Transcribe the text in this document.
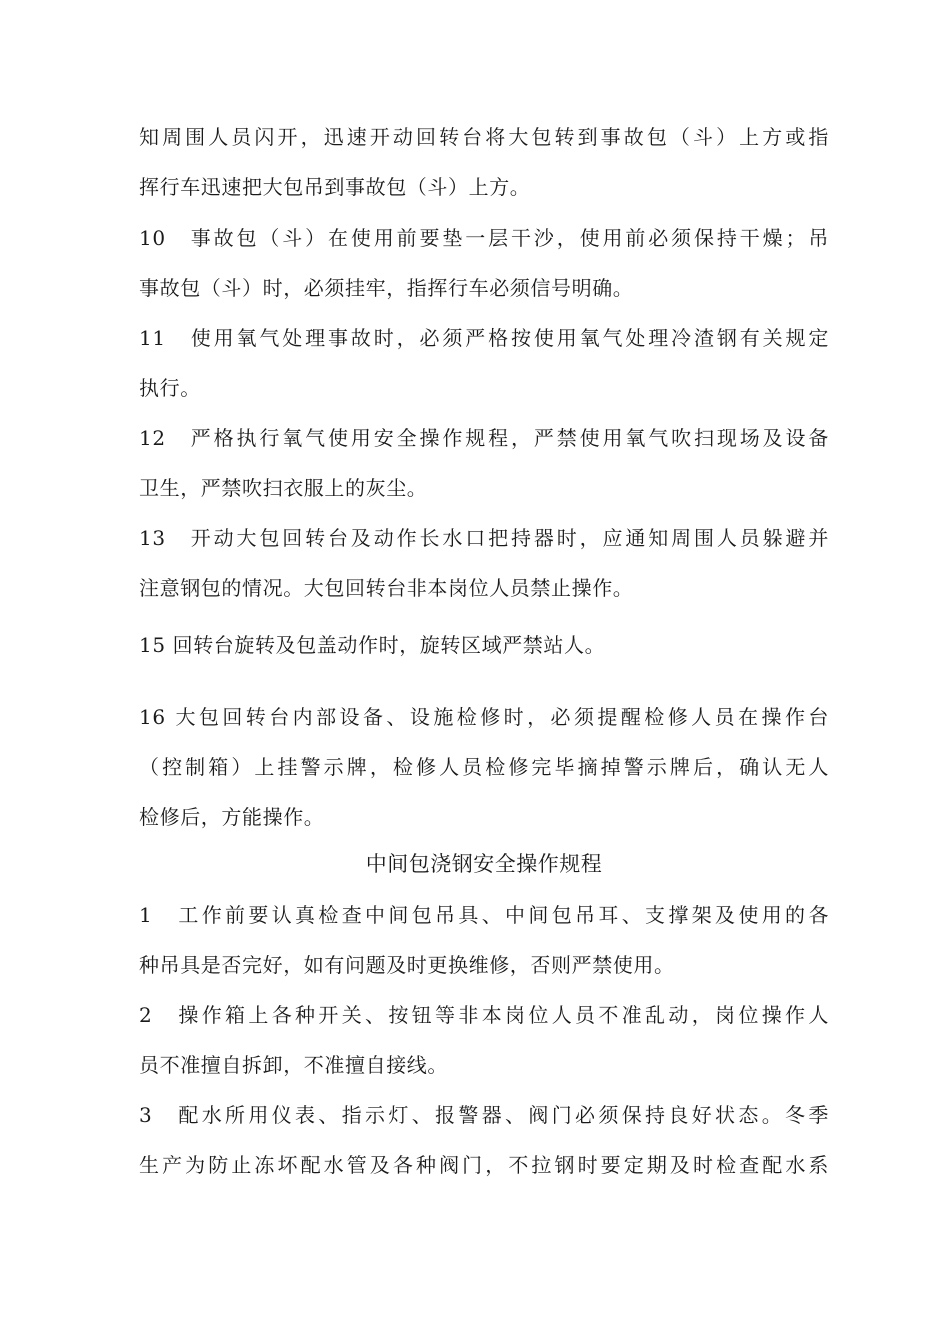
知周围人员闪开，迅速开动回转台将大包转到事故包（斗）上方或指
挥行车迅速把大包吊到事故包（斗）上方。
10　事故包（斗）在使用前要垫一层干沙，使用前必须保持干燥；吊
事故包（斗）时，必须挂牢，指挥行车必须信号明确。
11　使用氧气处理事故时，必须严格按使用氧气处理冷渣钢有关规定
执行。
12　严格执行氧气使用安全操作规程，严禁使用氧气吹扫现场及设备
卫生，严禁吹扫衣服上的灰尘。
13　开动大包回转台及动作长水口把持器时，应通知周围人员躲避并
注意钢包的情况。大包回转台非本岗位人员禁止操作。
15 回转台旋转及包盖动作时，旋转区域严禁站人。
16 大包回转台内部设备、设施检修时，必须提醒检修人员在操作台
（控制箱）上挂警示牌，检修人员检修完毕摘掉警示牌后，确认无人
检修后，方能操作。
中间包浇钢安全操作规程
1　工作前要认真检查中间包吊具、中间包吊耳、支撑架及使用的各
种吊具是否完好，如有问题及时更换维修，否则严禁使用。
2　操作箱上各种开关、按钮等非本岗位人员不准乱动，岗位操作人
员不准擅自拆卸，不准擅自接线。
3　配水所用仪表、指示灯、报警器、阀门必须保持良好状态。冬季
生产为防止冻坏配水管及各种阀门，不拉钢时要定期及时检查配水系
